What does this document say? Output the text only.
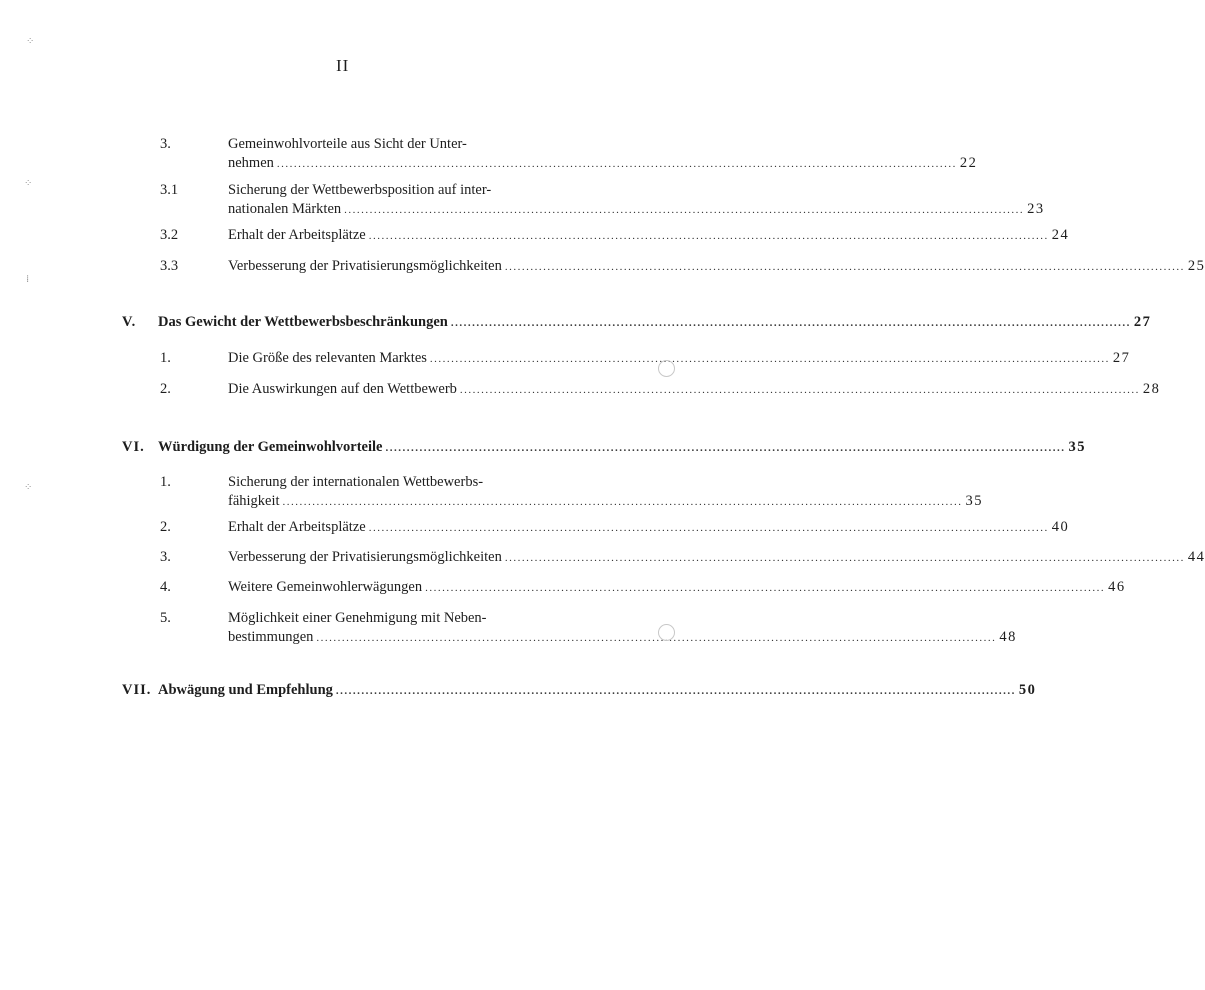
II
3.	Gemeinwohlvorteile aus Sicht der Unter-
nehmen ................................................................................................................................................................ 22
3.1	Sicherung der Wettbewerbsposition auf inter-
nationalen Märkten ................................................................................................................................................................ 23
3.2	Erhalt der Arbeitsplätze ................................................................................................................................................................ 24
3.3	Verbesserung der Privatisierungsmöglichkeiten ................................................................................................................................................................ 25
V. Das Gewicht der Wettbewerbsbeschränkungen ................................................................................................................................................................ 27
1.	Die Größe des relevanten Marktes ................................................................................................................................................................ 27
2.	Die Auswirkungen auf den Wettbewerb ................................................................................................................................................................ 28
VI. Würdigung der Gemeinwohlvorteile ................................................................................................................................................................ 35
1.	Sicherung der internationalen Wettbewerbs-
fähigkeit ................................................................................................................................................................ 35
2.	Erhalt der Arbeitsplätze ................................................................................................................................................................ 40
3.	Verbesserung der Privatisierungsmöglichkeiten ................................................................................................................................................................ 44
4.	Weitere Gemeinwohlerwägungen ................................................................................................................................................................ 46
5.	Möglichkeit einer Genehmigung mit Neben-
bestimmungen ................................................................................................................................................................ 48
VII. Abwägung und Empfehlung ................................................................................................................................................................ 50
⁘
⁘
⁞
⁘
